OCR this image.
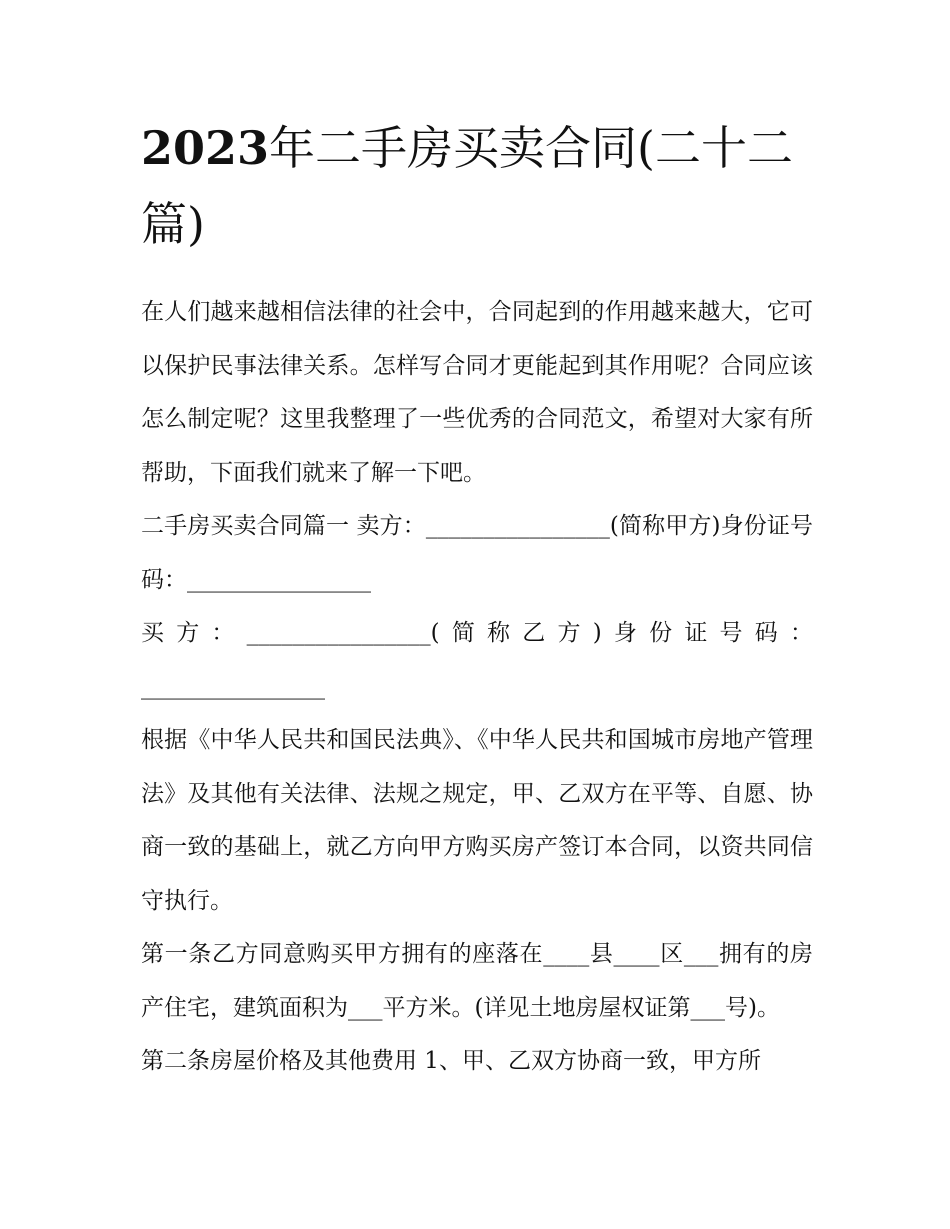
2023年二手房买卖合同(二十二篇)

在人们越来越相信法律的社会中，合同起到的作用越来越大，它可以保护民事法律关系。怎样写合同才更能起到其作用呢？合同应该怎么制定呢？这里我整理了一些优秀的合同范文，希望对大家有所帮助，下面我们就来了解一下吧。

二手房买卖合同篇一 卖方：________________(简称甲方)身份证号码：________________

买方：________________(简称乙方)身份证号码：________________

根据《中华人民共和国民法典》、《中华人民共和国城市房地产管理法》及其他有关法律、法规之规定，甲、乙双方在平等、自愿、协商一致的基础上，就乙方向甲方购买房产签订本合同，以资共同信守执行。

第一条乙方同意购买甲方拥有的座落在____县____区___拥有的房产住宅，建筑面积为___平方米。(详见土地房屋权证第___号)。

第二条房屋价格及其他费用 1、甲、乙双方协商一致，甲方所
